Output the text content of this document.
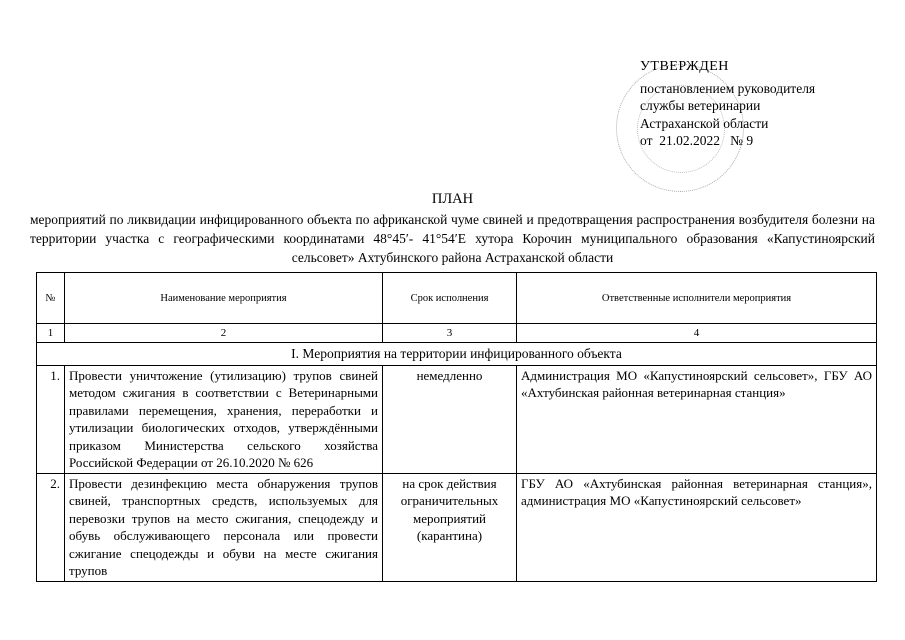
УТВЕРЖДЕН
постановлением руководителя
службы ветеринарии
Астраханской области
от  21.02.2022   № 9
ПЛАН
мероприятий по ликвидации инфицированного объекта по африканской чуме свиней и предотвращения распространения возбудителя болезни на территории участка с географическими координатами 48°45′- 41°54′E хутора Корочин муниципального образования «Капустиноярский сельсовет» Ахтубинского района Астраханской области
№	Наименование мероприятия	Срок исполнения	Ответственные исполнители мероприятия
1	2	3	4
I. Мероприятия на территории инфицированного объекта			
1.	Провести уничтожение (утилизацию) трупов свиней методом сжигания в соответствии с Ветеринарными правилами перемещения, хранения, переработки и утилизации биологических отходов, утверждёнными приказом Министерства сельского хозяйства Российской Федерации от 26.10.2020 № 626	немедленно	Администрация МО «Капустиноярский сельсовет», ГБУ АО «Ахтубинская районная ветеринарная станция»
2.	Провести дезинфекцию места обнаружения трупов свиней, транспортных средств, используемых для перевозки трупов на место сжигания, спецодежду и обувь обслуживающего персонала или провести сжигание спецодежды и обуви на месте сжигания трупов	на срок действия ограничительных мероприятий (карантина)	ГБУ АО «Ахтубинская районная ветеринарная станция», администрация МО «Капустиноярский сельсовет»
